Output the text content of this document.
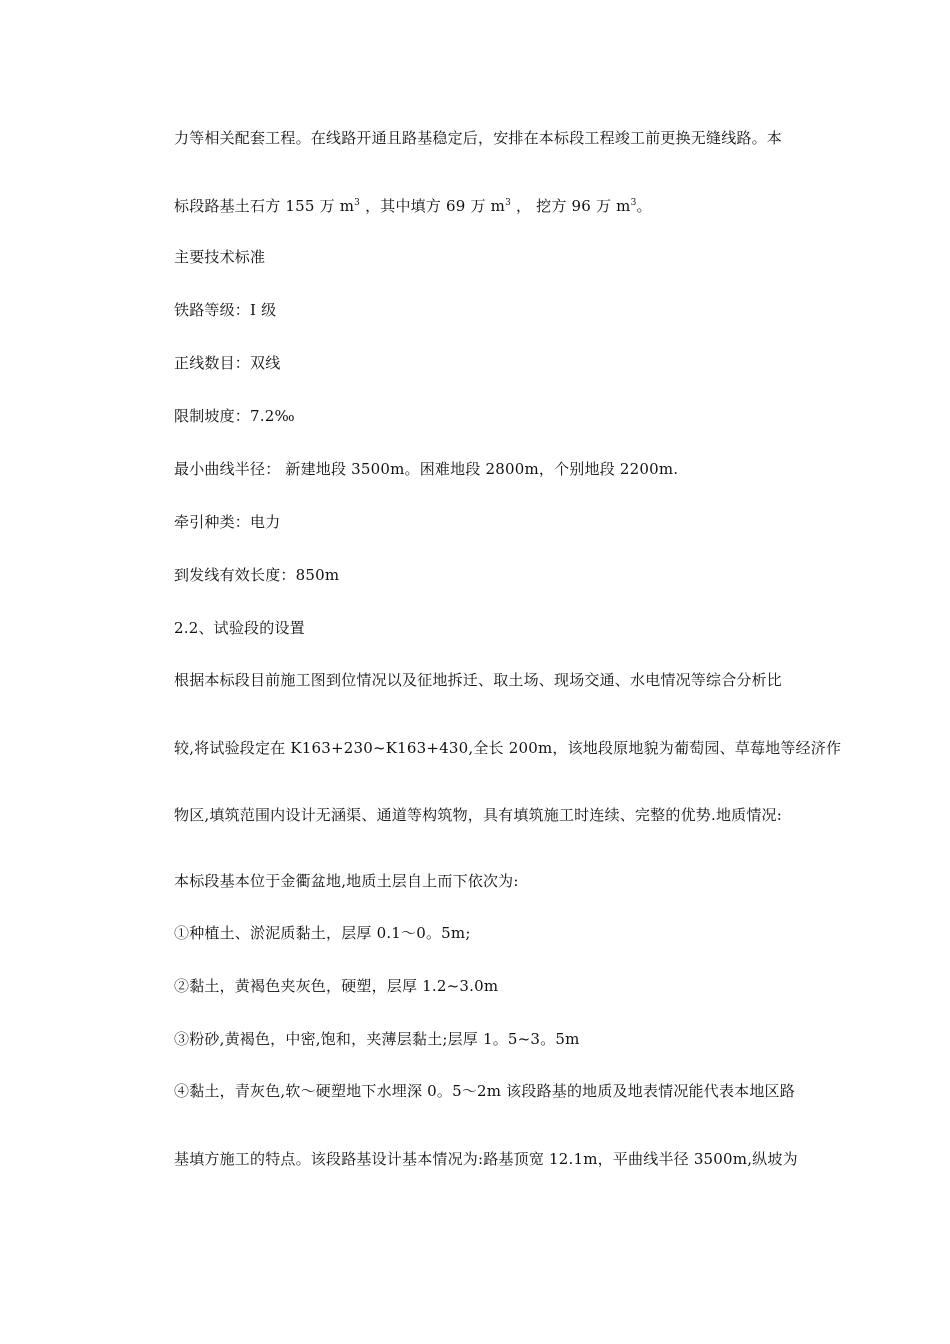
力等相关配套工程。在线路开通且路基稳定后，安排在本标段工程竣工前更换无缝线路。本
标段路基土石方 155 万 $m^3$ ，其中填方 69 万 $m^3$ ， 挖方 96 万 $m^3$。
主要技术标准
铁路等级：I 级
正线数目：双线
限制坡度：7.2‰
最小曲线半径： 新建地段 3500m。困难地段 2800m，个别地段 2200m.
牵引种类：电力
到发线有效长度：850m
2.2、试验段的设置
根据本标段目前施工图到位情况以及征地拆迁、取土场、现场交通、水电情况等综合分析比
较,将试验段定在 K163+230~K163+430,全长 200m，该地段原地貌为葡萄园、草莓地等经济作
物区,填筑范围内设计无涵渠、通道等构筑物，具有填筑施工时连续、完整的优势.地质情况:
本标段基本位于金衢盆地,地质土层自上而下依次为:
①种植土、淤泥质黏土，层厚 0.1～0。5m;
②黏土，黄褐色夹灰色，硬塑，层厚 1.2~3.0m
③粉砂,黄褐色，中密,饱和，夹薄层黏土;层厚 1。5~3。5m
④黏土，青灰色,软～硬塑地下水埋深 0。5～2m 该段路基的地质及地表情况能代表本地区路
基填方施工的特点。该段路基设计基本情况为:路基顶宽 12.1m，平曲线半径 3500m,纵坡为
